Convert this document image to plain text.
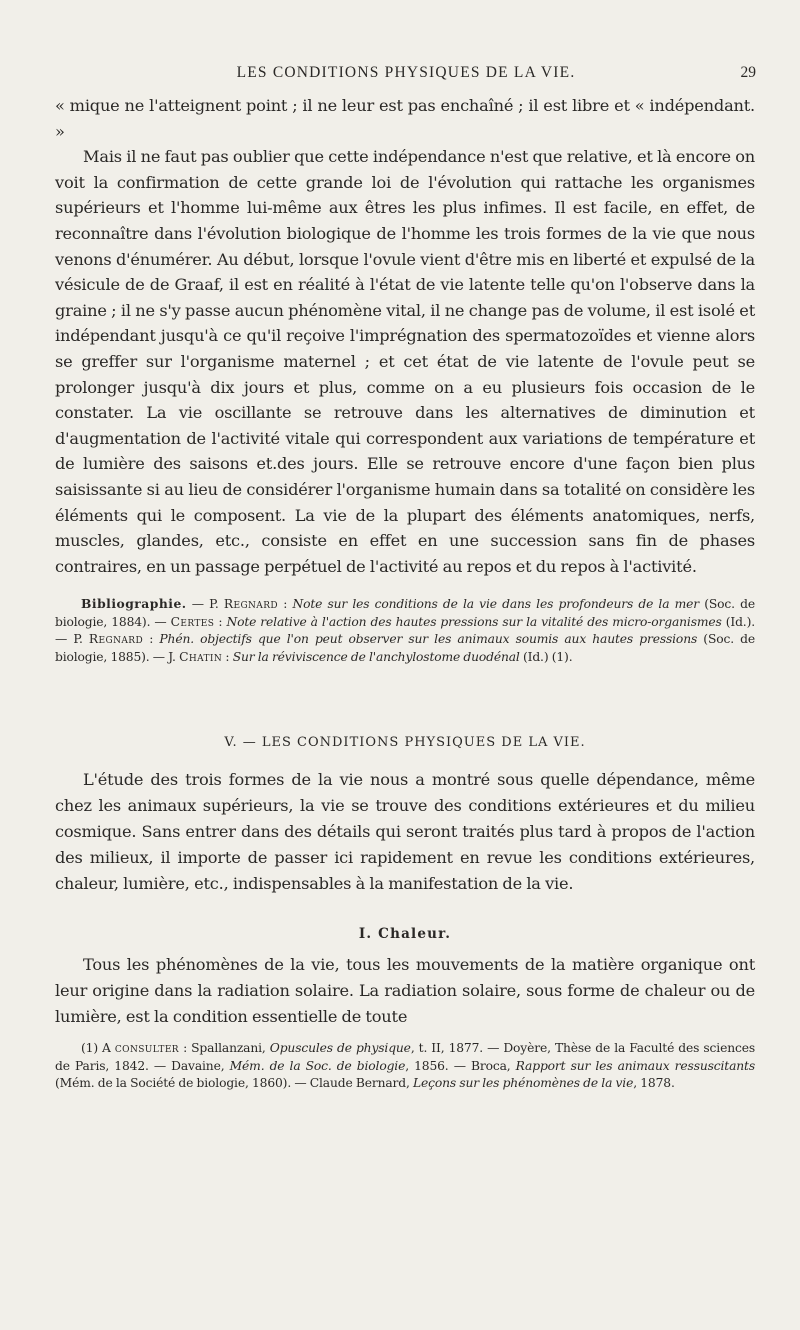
LES CONDITIONS PHYSIQUES DE LA VIE.	29

« mique ne l'atteignent point ; il ne leur est pas enchaîné ; il est libre et « indépendant. »

Mais il ne faut pas oublier que cette indépendance n'est que relative, et là encore on voit la confirmation de cette grande loi de l'évolution qui rattache les organismes supérieurs et l'homme lui-même aux êtres les plus infimes. Il est facile, en effet, de reconnaître dans l'évolution biologique de l'homme les trois formes de la vie que nous venons d'énumérer. Au début, lorsque l'ovule vient d'être mis en liberté et expulsé de la vésicule de de Graaf, il est en réalité à l'état de vie latente telle qu'on l'observe dans la graine ; il ne s'y passe aucun phénomène vital, il ne change pas de volume, il est isolé et indépendant jusqu'à ce qu'il reçoive l'imprégnation des spermatozoïdes et vienne alors se greffer sur l'organisme maternel ; et cet état de vie latente de l'ovule peut se prolonger jusqu'à dix jours et plus, comme on a eu plusieurs fois occasion de le constater. La vie oscillante se retrouve dans les alternatives de diminution et d'augmentation de l'activité vitale qui correspondent aux variations de température et de lumière des saisons et.des jours. Elle se retrouve encore d'une façon bien plus saisissante si au lieu de considérer l'organisme humain dans sa totalité on considère les éléments qui le composent. La vie de la plupart des éléments anatomiques, nerfs, muscles, glandes, etc., consiste en effet en une succession sans fin de phases contraires, en un passage perpétuel de l'activité au repos et du repos à l'activité.

Bibliographie. — P. Regnard : Note sur les conditions de la vie dans les profondeurs de la mer (Soc. de biologie, 1884). — Certes : Note relative à l'action des hautes pressions sur la vitalité des micro-organismes (Id.). — P. Regnard : Phén. objectifs que l'on peut observer sur les animaux soumis aux hautes pressions (Soc. de biologie, 1885). — J. Chatin : Sur la réviviscence de l'anchylostome duodénal (Id.) (1).

V. — LES CONDITIONS PHYSIQUES DE LA VIE.

L'étude des trois formes de la vie nous a montré sous quelle dépendance, même chez les animaux supérieurs, la vie se trouve des conditions extérieures et du milieu cosmique. Sans entrer dans des détails qui seront traités plus tard à propos de l'action des milieux, il importe de passer ici rapidement en revue les conditions extérieures, chaleur, lumière, etc., indispensables à la manifestation de la vie.

I. Chaleur.

Tous les phénomènes de la vie, tous les mouvements de la matière organique ont leur origine dans la radiation solaire. La radiation solaire, sous forme de chaleur ou de lumière, est la condition essentielle de toute

(1) A consulter : Spallanzani, Opuscules de physique, t. II, 1877. — Doyère, Thèse de la Faculté des sciences de Paris, 1842. — Davaine, Mém. de la Soc. de biologie, 1856. — Broca, Rapport sur les animaux ressuscitants (Mém. de la Société de biologie, 1860). — Claude Bernard, Leçons sur les phénomènes de la vie, 1878.
